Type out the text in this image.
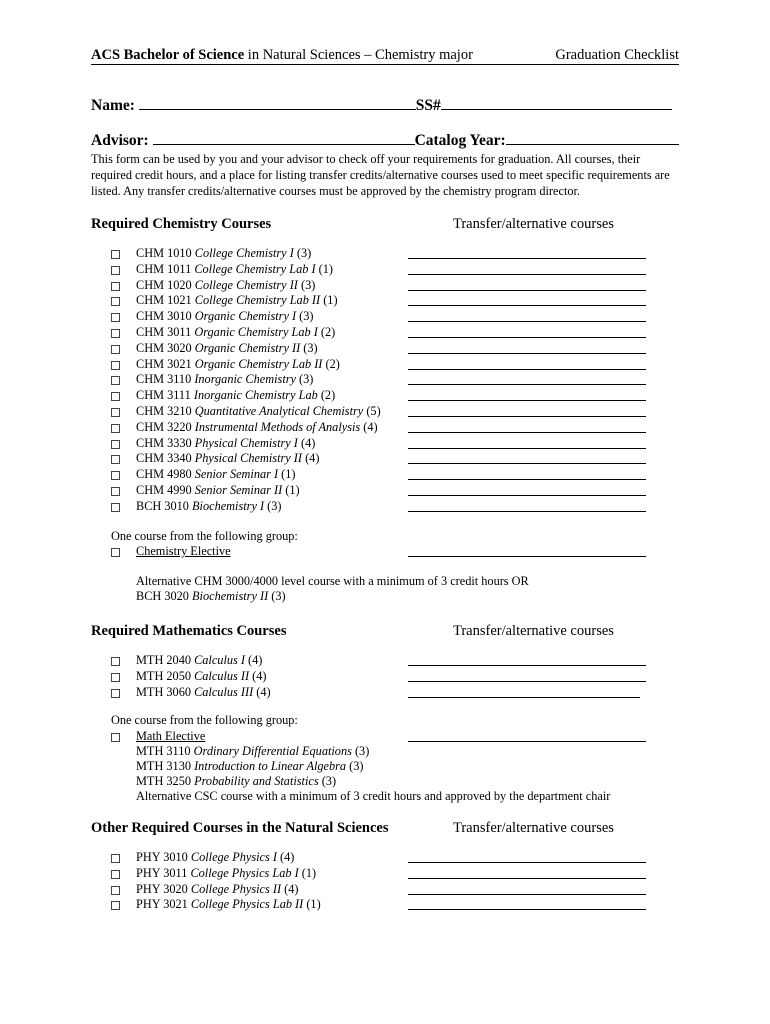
ACS Bachelor of Science in Natural Sciences – Chemistry major	Graduation Checklist
Name:	SS#
Advisor:	Catalog Year:
This form can be used by you and your advisor to check off your requirements for graduation. All courses, their required credit hours, and a place for listing transfer credits/alternative courses used to meet specific requirements are listed. Any transfer credits/alternative courses must be approved by the chemistry program director.
Required Chemistry Courses	Transfer/alternative courses
CHM 1010 College Chemistry I (3)
CHM 1011 College Chemistry Lab I (1)
CHM 1020 College Chemistry II (3)
CHM 1021 College Chemistry Lab II (1)
CHM 3010 Organic Chemistry I (3)
CHM 3011 Organic Chemistry Lab I (2)
CHM 3020 Organic Chemistry II (3)
CHM 3021 Organic Chemistry Lab II (2)
CHM 3110 Inorganic Chemistry (3)
CHM 3111 Inorganic Chemistry Lab (2)
CHM 3210 Quantitative Analytical Chemistry (5)
CHM 3220 Instrumental Methods of Analysis (4)
CHM 3330 Physical Chemistry I (4)
CHM 3340 Physical Chemistry II (4)
CHM 4980 Senior Seminar I (1)
CHM 4990 Senior Seminar II (1)
BCH 3010 Biochemistry I (3)
One course from the following group:
Chemistry Elective
Alternative CHM 3000/4000 level course with a minimum of 3 credit hours OR
BCH 3020 Biochemistry II (3)
Required Mathematics Courses	Transfer/alternative courses
MTH 2040 Calculus I (4)
MTH 2050 Calculus II (4)
MTH 3060 Calculus III (4)
One course from the following group:
Math Elective
MTH 3110 Ordinary Differential Equations (3)
MTH 3130 Introduction to Linear Algebra (3)
MTH 3250 Probability and Statistics (3)
Alternative CSC course with a minimum of 3 credit hours and approved by the department chair
Other Required Courses in the Natural Sciences	Transfer/alternative courses
PHY 3010 College Physics I (4)
PHY 3011 College Physics Lab I (1)
PHY 3020 College Physics II (4)
PHY 3021 College Physics Lab II (1)
